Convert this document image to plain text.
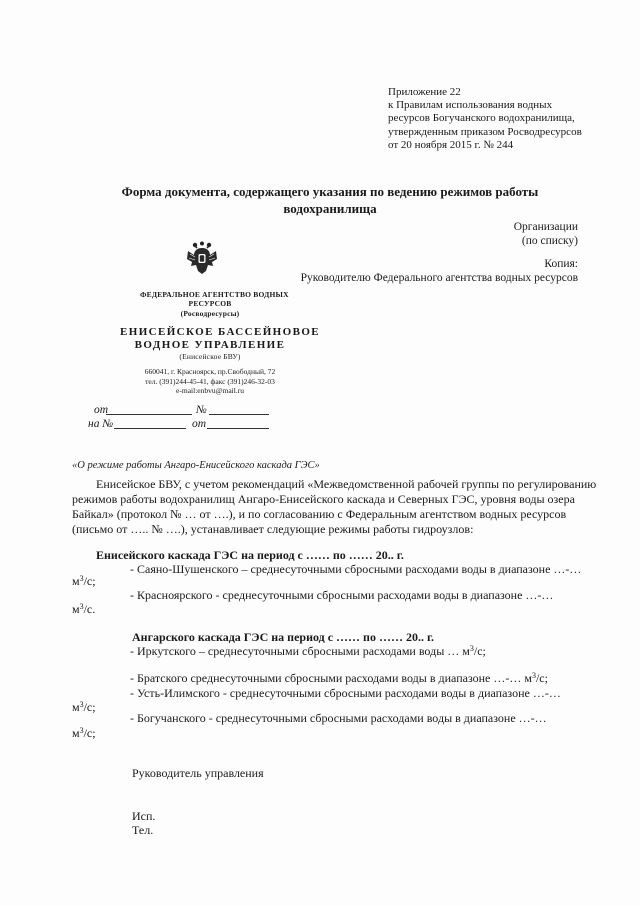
Приложение 22
к Правилам использования водных
ресурсов Богучанского водохранилища,
утвержденным приказом Росводресурсов
от 20 ноября 2015 г. № 244
Форма документа, содержащего указания по ведению режимов работы
водохранилища
Организации
(по списку)
Копия:
Руководителю Федерального агентства водных ресурсов
ФЕДЕРАЛЬНОЕ АГЕНТСТВО ВОДНЫХ
РЕСУРСОВ
(Росводресурсы)
ЕНИСЕЙСКОЕ БАССЕЙНОВОЕ
ВОДНОЕ УПРАВЛЕНИЕ
(Енисейское БВУ)
660041, г. Красноярск, пр.Свободный, 72
тел. (391)244-45-41, факс (391)246-32-03
e-mail:enbvu@mail.ru
от	№
на №	от
«О режиме работы Ангаро-Енисейского каскада ГЭС»
Енисейское БВУ, с учетом рекомендаций «Межведомственной рабочей группы по регулированию
режимов работы водохранилищ Ангаро-Енисейского каскада и Северных ГЭС, уровня воды озера
Байкал» (протокол № … от ….), и по согласованию с Федеральным агентством водных ресурсов
(письмо от ….. № ….), устанавливает следующие режимы работы гидроузлов:
Енисейского каскада ГЭС на период с …… по …… 20.. г.
- Саяно-Шушенского – среднесуточными сбросными расходами воды в диапазоне …-…
$м^3/с$;
- Красноярского - среднесуточными сбросными расходами воды в диапазоне …-…
$м^3/с$.
Ангарского каскада ГЭС на период с …… по …… 20.. г.
- Иркутского – среднесуточными сбросными расходами воды … $м^3/с$;
- Братского среднесуточными сбросными расходами воды в диапазоне …-… $м^3/с$;
- Усть-Илимского - среднесуточными сбросными расходами воды в диапазоне …-…
$м^3/с$;
- Богучанского - среднесуточными сбросными расходами воды в диапазоне …-…
$м^3/с$;
Руководитель управления
Исп.
Тел.
